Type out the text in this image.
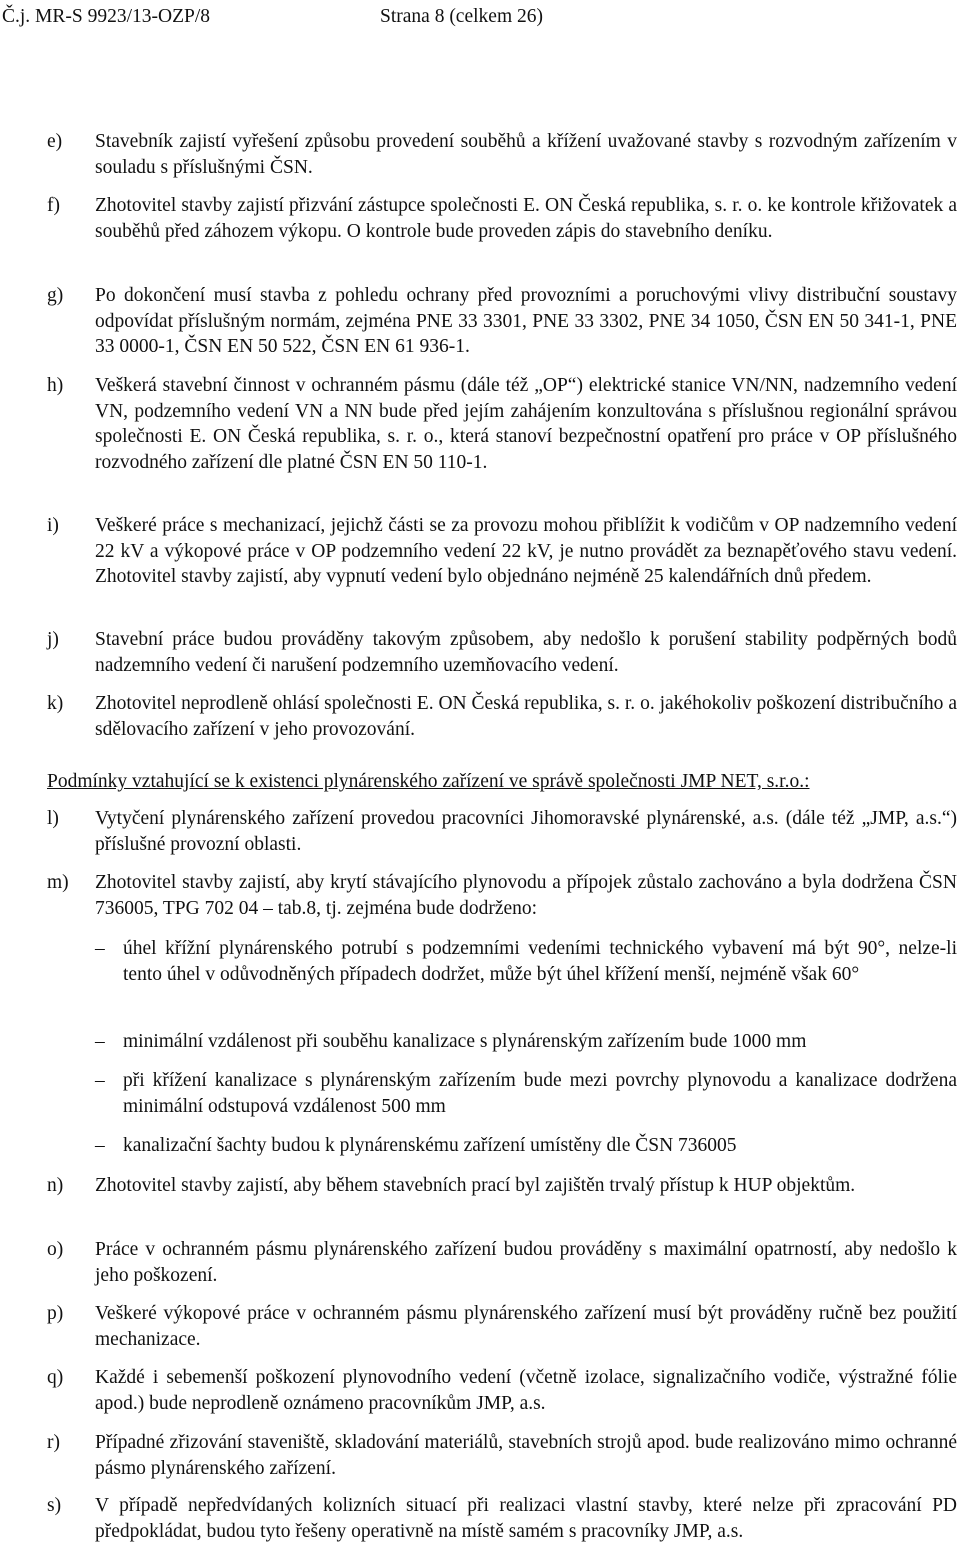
Č.j. MR-S 9923/13-OZP/8	Strana 8 (celkem 26)
e)	Stavebník zajistí vyřešení způsobu provedení souběhů a křížení uvažované stavby s rozvodným zařízením v souladu s příslušnými ČSN.
f)	Zhotovitel stavby zajistí přizvání zástupce společnosti E. ON Česká republika, s. r. o. ke kontrole křižovatek a souběhů před záhozem výkopu. O kontrole bude proveden zápis do stavebního deníku.
g)	Po dokončení musí stavba z pohledu ochrany před provozními a poruchovými vlivy distribuční soustavy odpovídat příslušným normám, zejména PNE 33 3301, PNE 33 3302, PNE 34 1050, ČSN EN 50 341-1, PNE 33 0000-1, ČSN EN 50 522, ČSN EN 61 936-1.
h)	Veškerá stavební činnost v ochranném pásmu (dále též „OP“) elektrické stanice VN/NN, nadzemního vedení VN, podzemního vedení VN a NN bude před jejím zahájením konzultována s příslušnou regionální správou společnosti E. ON Česká republika, s. r. o., která stanoví bezpečnostní opatření pro práce v OP příslušného rozvodného zařízení dle platné ČSN EN 50 110-1.
i)	Veškeré práce s mechanizací, jejichž části se za provozu mohou přiblížit k vodičům v OP nadzemního vedení 22 kV a výkopové práce v OP podzemního vedení 22 kV, je nutno provádět za beznapěťového stavu vedení. Zhotovitel stavby zajistí, aby vypnutí vedení bylo objednáno nejméně 25 kalendářních dnů předem.
j)	Stavební práce budou prováděny takovým způsobem, aby nedošlo k porušení stability podpěrných bodů nadzemního vedení či narušení podzemního uzemňovacího vedení.
k)	Zhotovitel neprodleně ohlásí společnosti E. ON Česká republika, s. r. o. jakéhokoliv poškození distribučního a sdělovacího zařízení v jeho provozování.
Podmínky vztahující se k existenci plynárenského zařízení ve správě společnosti JMP NET, s.r.o.:
l)	Vytyčení plynárenského zařízení provedou pracovníci Jihomoravské plynárenské, a.s. (dále též „JMP, a.s.“) příslušné provozní oblasti.
m)	Zhotovitel stavby zajistí, aby krytí stávajícího plynovodu a přípojek zůstalo zachováno a byla dodržena ČSN 736005, TPG 702 04 – tab.8, tj. zejména bude dodrženo:
– úhel křížní plynárenského potrubí s podzemními vedeními technického vybavení má být 90°, nelze-li tento úhel v odůvodněných případech dodržet, může být úhel křížení menší, nejméně však 60°
– minimální vzdálenost při souběhu kanalizace s plynárenským zařízením bude 1000 mm
– při křížení kanalizace s plynárenským zařízením bude mezi povrchy plynovodu a kanalizace dodržena minimální odstupová vzdálenost 500 mm
– kanalizační šachty budou k plynárenskému zařízení umístěny dle ČSN 736005
n)	Zhotovitel stavby zajistí, aby během stavebních prací byl zajištěn trvalý přístup k HUP objektům.
o)	Práce v ochranném pásmu plynárenského zařízení budou prováděny s maximální opatrností, aby nedošlo k jeho poškození.
p)	Veškeré výkopové práce v ochranném pásmu plynárenského zařízení musí být prováděny ručně bez použití mechanizace.
q)	Každé i sebemenší poškození plynovodního vedení (včetně izolace, signalizačního vodiče, výstražné fólie apod.) bude neprodleně oznámeno pracovníkům JMP, a.s.
r)	Případné zřizování staveniště, skladování materiálů, stavebních strojů apod. bude realizováno mimo ochranné pásmo plynárenského zařízení.
s)	V případě nepředvídaných kolizních situací při realizaci vlastní stavby, které nelze při zpracování PD předpokládat, budou tyto řešeny operativně na místě samém s pracovníky JMP, a.s.
